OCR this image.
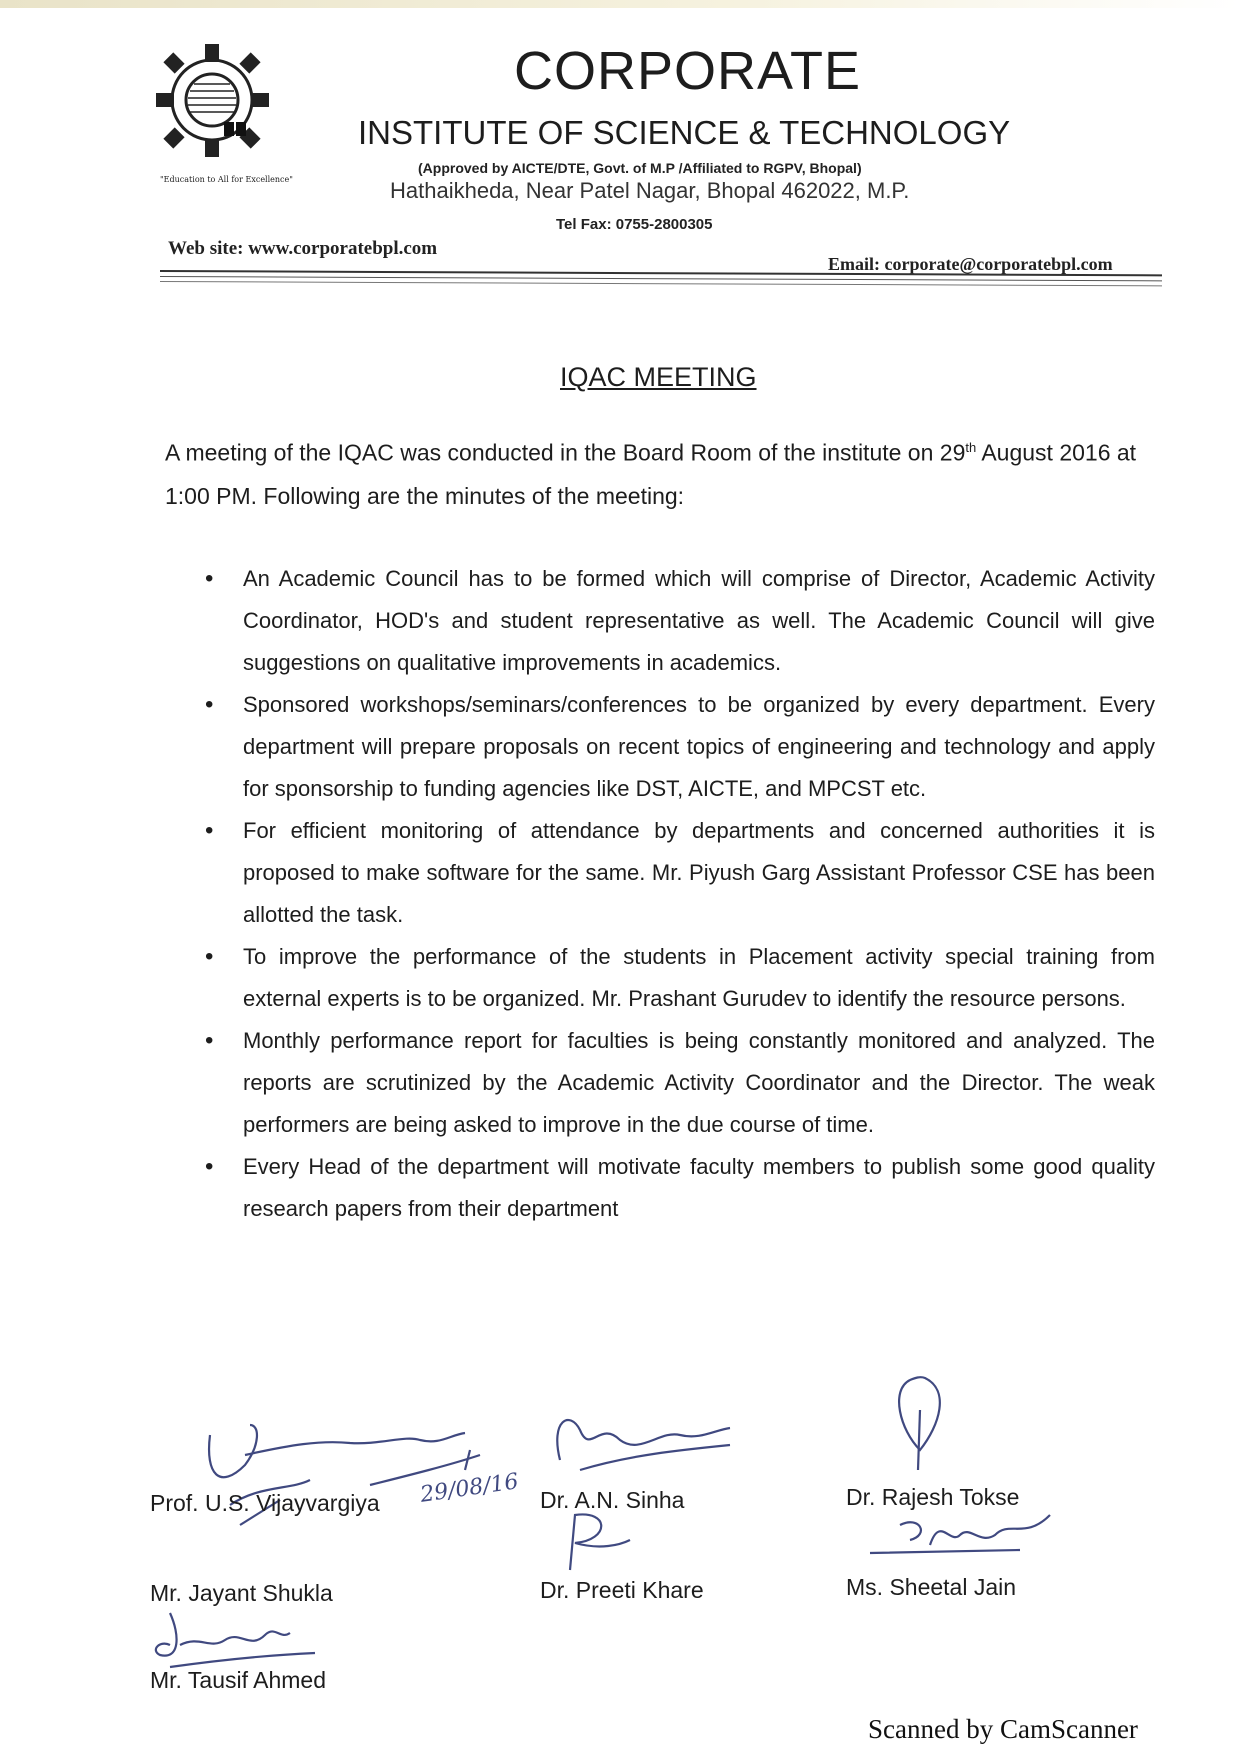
"Education to All for Excellence"
CORPORATE
INSTITUTE OF SCIENCE & TECHNOLOGY
(Approved by AICTE/DTE, Govt. of M.P /Affiliated to RGPV, Bhopal)
Hathaikheda, Near Patel Nagar, Bhopal 462022, M.P.
Tel Fax: 0755-2800305
Web site: www.corporatebpl.com
Email: corporate@corporatebpl.com
IQAC MEETING
A meeting of the IQAC was conducted in the Board Room of the institute on 29th August 2016 at 1:00 PM. Following are the minutes of the meeting:
• An Academic Council has to be formed which will comprise of Director, Academic Activity Coordinator, HOD's and student representative as well. The Academic Council will give suggestions on qualitative improvements in academics.
• Sponsored workshops/seminars/conferences to be organized by every department. Every department will prepare proposals on recent topics of engineering and technology and apply for sponsorship to funding agencies like DST, AICTE, and MPCST etc.
• For efficient monitoring of attendance by departments and concerned authorities it is proposed to make software for the same. Mr. Piyush Garg Assistant Professor CSE has been allotted the task.
• To improve the performance of the students in Placement activity special training from external experts is to be organized. Mr. Prashant Gurudev to identify the resource persons.
• Monthly performance report for faculties is being constantly monitored and analyzed. The reports are scrutinized by the Academic Activity Coordinator and the Director. The weak performers are being asked to improve in the due course of time.
• Every Head of the department will motivate faculty members to publish some good quality research papers from their department
Prof. U.S. Vijayvargiya 29/08/16 Dr. A.N. Sinha	Dr. Rajesh Tokse
Mr. Jayant Shukla	Dr. Preeti Khare	Ms. Sheetal Jain
Mr. Tausif Ahmed
Scanned by CamScanner
